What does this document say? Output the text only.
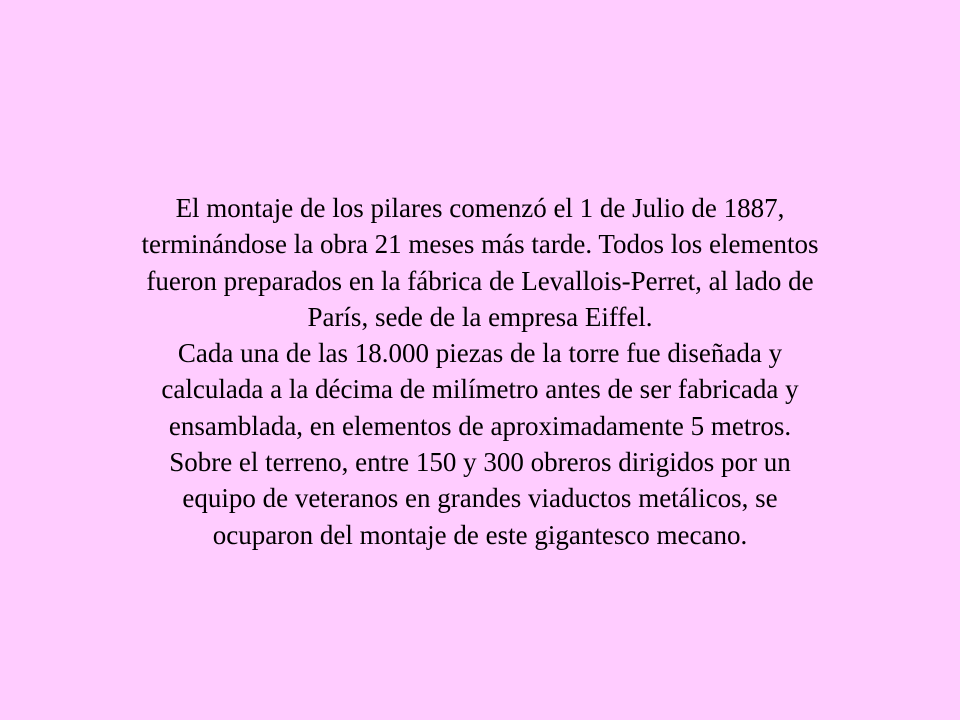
El montaje de los pilares comenzó el 1 de Julio de 1887,
terminándose la obra 21 meses más tarde. Todos los elementos
fueron preparados en la fábrica de Levallois-Perret, al lado de
París, sede de la empresa Eiffel.
Cada una de las 18.000 piezas de la torre fue diseñada y
calculada a la décima de milímetro antes de ser fabricada y
ensamblada, en elementos de aproximadamente 5 metros.
Sobre el terreno, entre 150 y 300 obreros dirigidos por un
equipo de veteranos en grandes viaductos metálicos, se
ocuparon del montaje de este gigantesco mecano.
